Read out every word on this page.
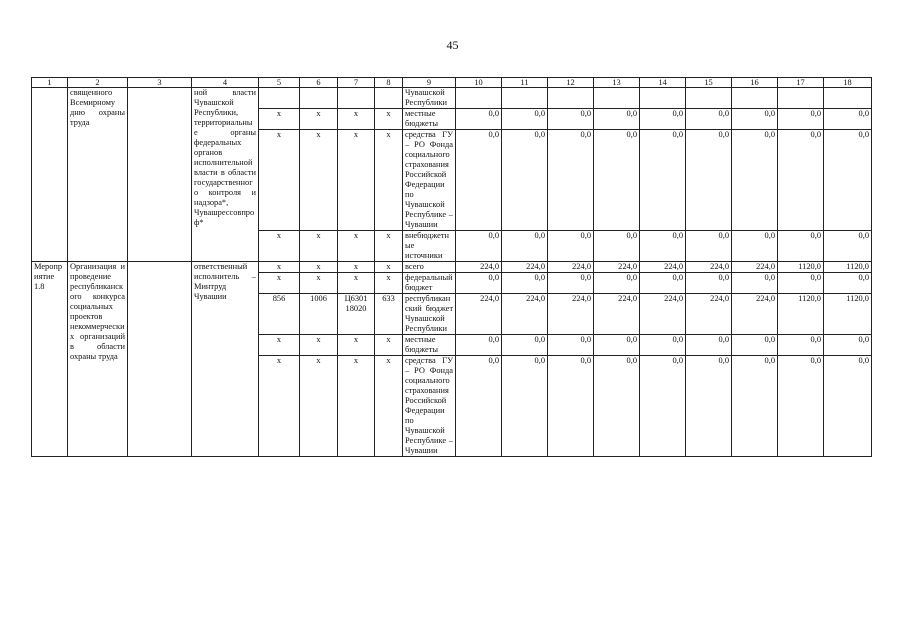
45
1	2	3	4	5	6	7	8	9	10	11	12	13	14	15	16	17	18
	священного Всемирному дню охраны труда		ной власти Чувашской Республики, территориальные органы федеральных органов исполнительной власти в области государственного контроля и надзора*, Чувашрессовпроф*					Чувашской Республики									
				x	x	x	x	местные бюджеты	0,0	0,0	0,0	0,0	0,0	0,0	0,0	0,0	0,0
				x	x	x	x	средства ГУ – РО Фонда социального страхования Российской Федерации по Чувашской Республике – Чувашии	0,0	0,0	0,0	0,0	0,0	0,0	0,0	0,0	0,0
				x	x	x	x	внебюджетные источники	0,0	0,0	0,0	0,0	0,0	0,0	0,0	0,0	0,0
Мероприятие 1.8	Организация и проведение республиканского конкурса социальных проектов некоммерческих организаций в области охраны труда		ответственный исполнитель – Минтруд Чувашии	x	x	x	x	всего	224,0	224,0	224,0	224,0	224,0	224,0	224,0	1120,0	1120,0
				x	x	x	x	федеральный бюджет	0,0	0,0	0,0	0,0	0,0	0,0	0,0	0,0	0,0
				856	1006	Ц6301 18020	633	республиканский бюджет Чувашской Республики	224,0	224,0	224,0	224,0	224,0	224,0	224,0	1120,0	1120,0
				x	x	x	x	местные бюджеты	0,0	0,0	0,0	0,0	0,0	0,0	0,0	0,0	0,0
				x	x	x	x	средства ГУ – РО Фонда социального страхования Российской Федерации по Чувашской Республике – Чувашии	0,0	0,0	0,0	0,0	0,0	0,0	0,0	0,0	0,0
